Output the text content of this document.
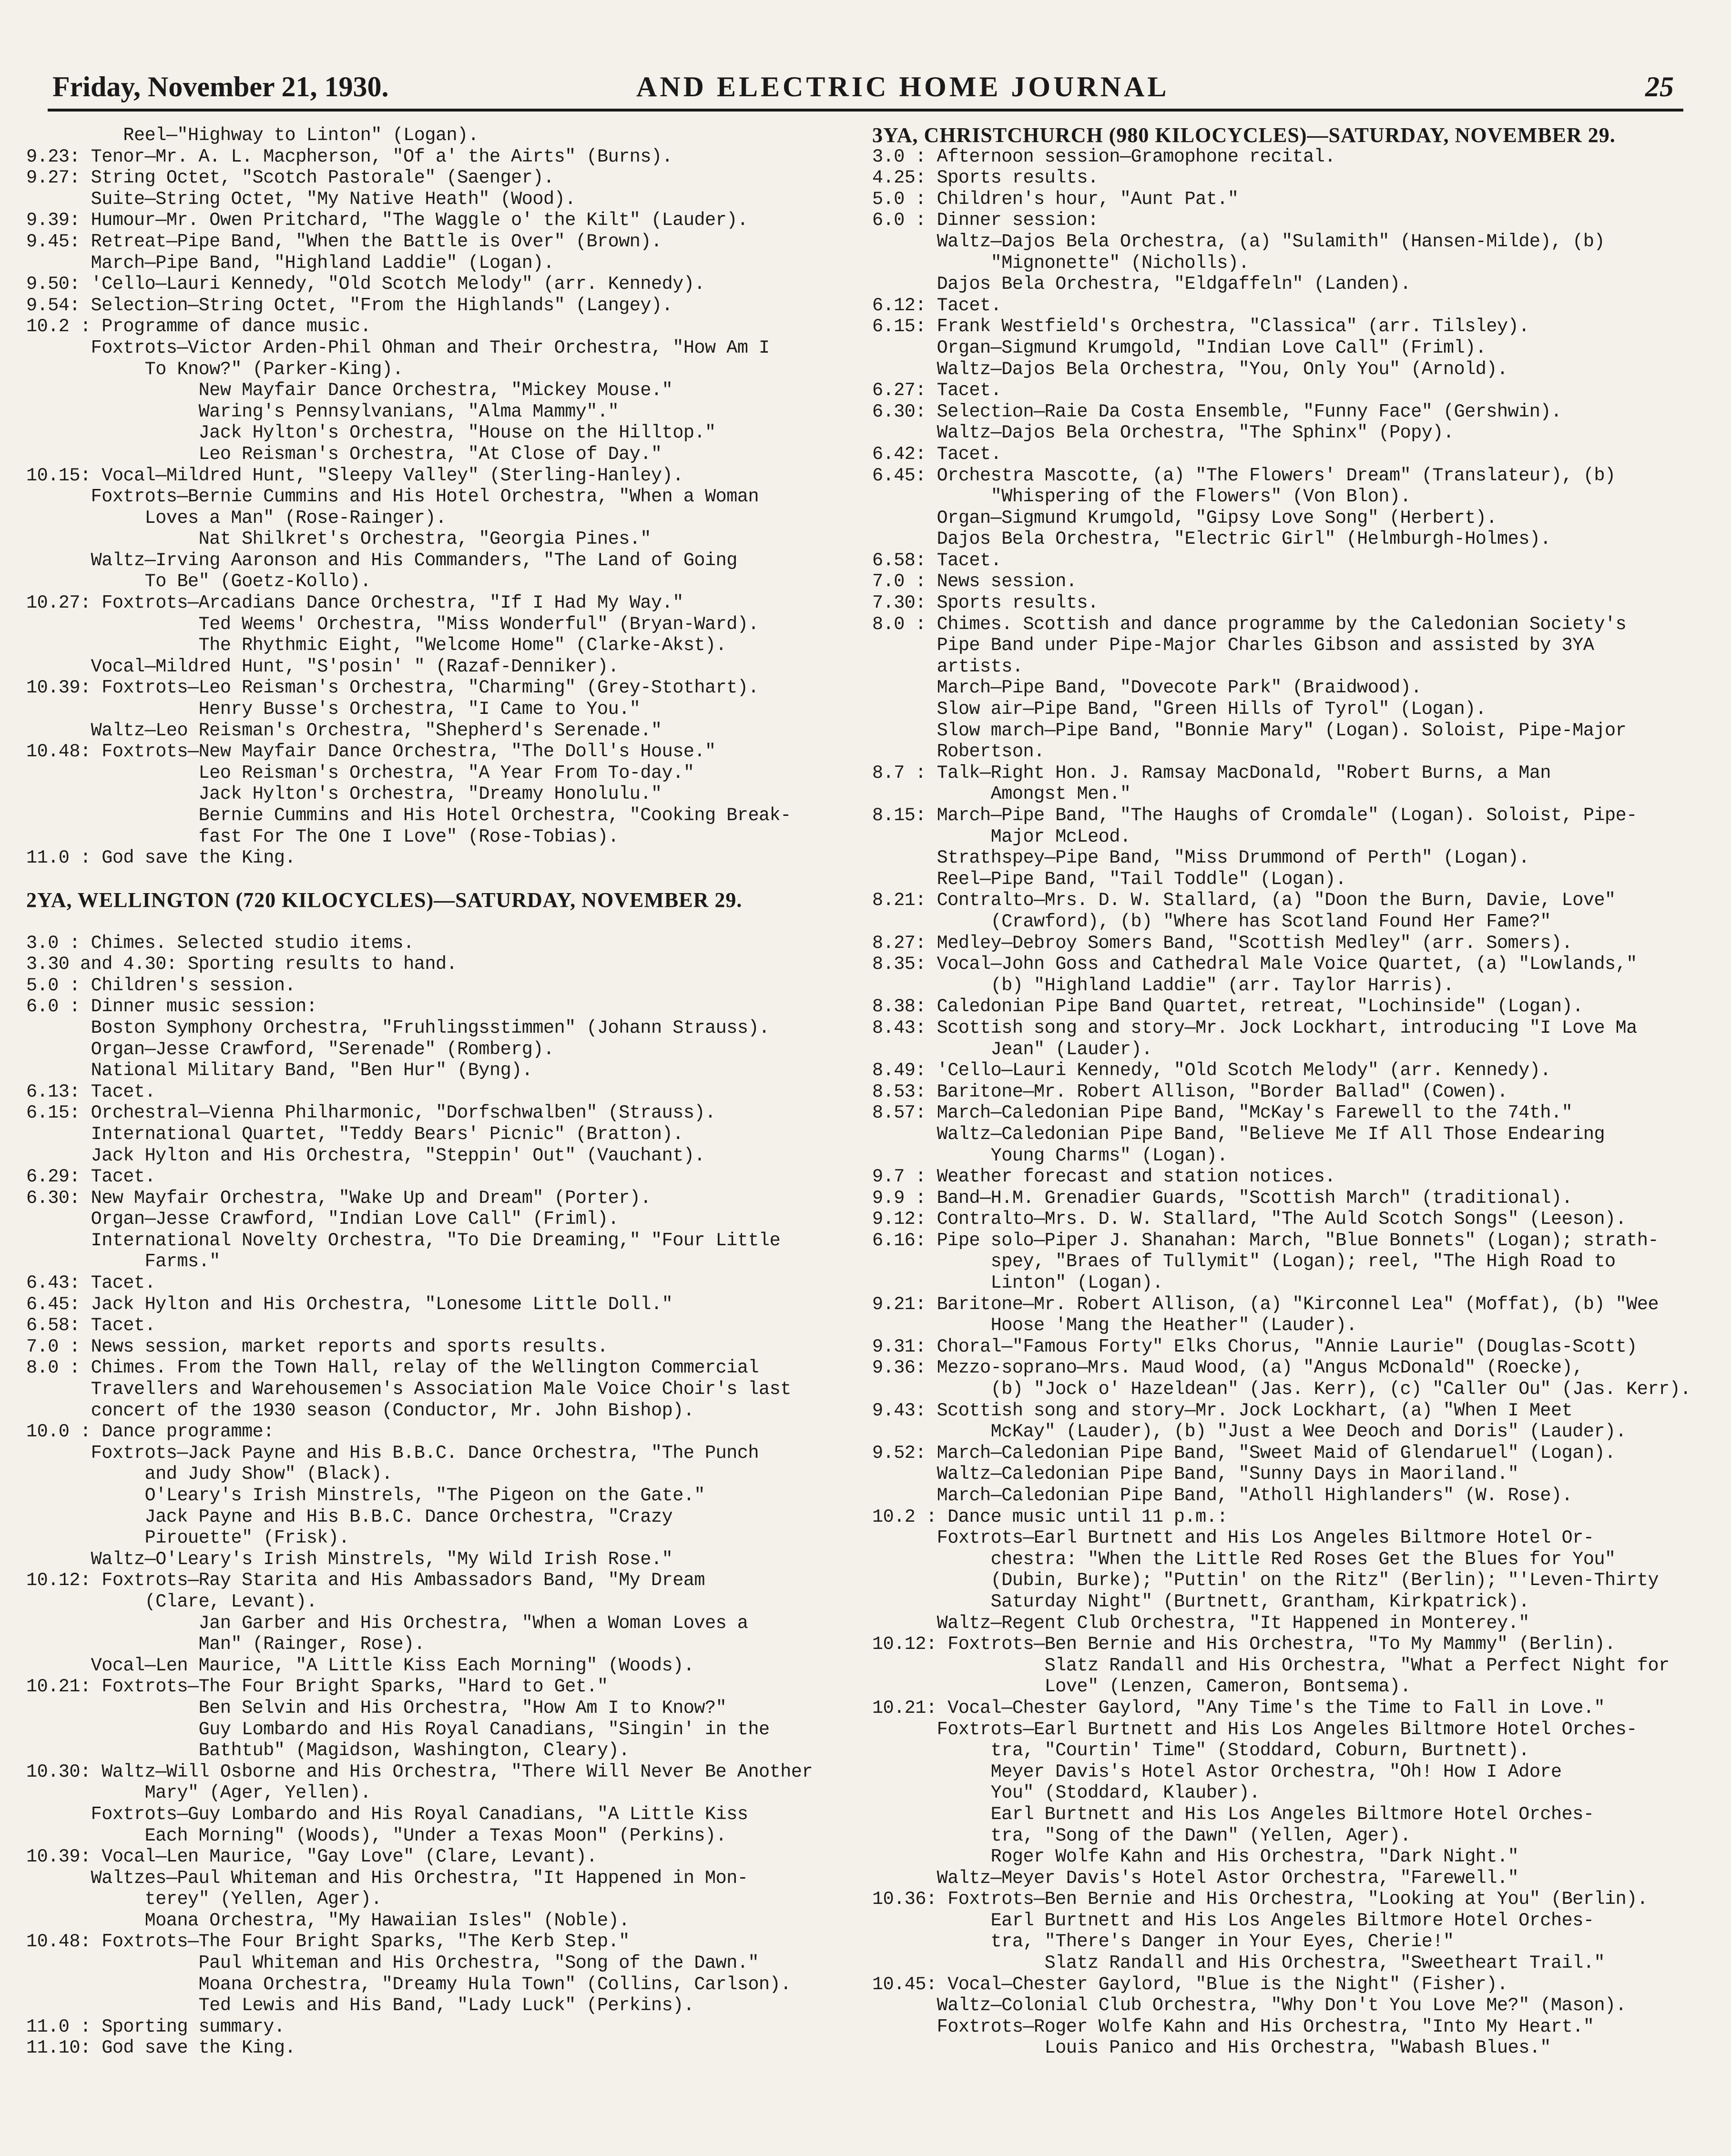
Friday, November 21, 1930.	AND ELECTRIC HOME JOURNAL	25
Reel—"Highway to Linton" (Logan).
9.23: Tenor—Mr. A. L. Macpherson, "Of a' the Airts" (Burns).
9.27: String Octet, "Scotch Pastorale" (Saenger).
Suite—String Octet, "My Native Heath" (Wood).
9.39: Humour—Mr. Owen Pritchard, "The Waggle o' the Kilt" (Lauder).
9.45: Retreat—Pipe Band, "When the Battle is Over" (Brown).
March—Pipe Band, "Highland Laddie" (Logan).
9.50: 'Cello—Lauri Kennedy, "Old Scotch Melody" (arr. Kennedy).
9.54: Selection—String Octet, "From the Highlands" (Langey).
10.2 : Programme of dance music.
Foxtrots—Victor Arden-Phil Ohman and Their Orchestra, "How Am I
To Know?" (Parker-King).
New Mayfair Dance Orchestra, "Mickey Mouse."
Waring's Pennsylvanians, "Alma Mammy"."
Jack Hylton's Orchestra, "House on the Hilltop."
Leo Reisman's Orchestra, "At Close of Day."
10.15: Vocal—Mildred Hunt, "Sleepy Valley" (Sterling-Hanley).
Foxtrots—Bernie Cummins and His Hotel Orchestra, "When a Woman
Loves a Man" (Rose-Rainger).
Nat Shilkret's Orchestra, "Georgia Pines."
Waltz—Irving Aaronson and His Commanders, "The Land of Going
To Be" (Goetz-Kollo).
10.27: Foxtrots—Arcadians Dance Orchestra, "If I Had My Way."
Ted Weems' Orchestra, "Miss Wonderful" (Bryan-Ward).
The Rhythmic Eight, "Welcome Home" (Clarke-Akst).
Vocal—Mildred Hunt, "S'posin' " (Razaf-Denniker).
10.39: Foxtrots—Leo Reisman's Orchestra, "Charming" (Grey-Stothart).
Henry Busse's Orchestra, "I Came to You."
Waltz—Leo Reisman's Orchestra, "Shepherd's Serenade."
10.48: Foxtrots—New Mayfair Dance Orchestra, "The Doll's House."
Leo Reisman's Orchestra, "A Year From To-day."
Jack Hylton's Orchestra, "Dreamy Honolulu."
Bernie Cummins and His Hotel Orchestra, "Cooking Break-
fast For The One I Love" (Rose-Tobias).
11.0 : God save the King.
2YA, WELLINGTON (720 KILOCYCLES)—SATURDAY, NOVEMBER 29.
3.0 : Chimes. Selected studio items.
3.30 and 4.30: Sporting results to hand.
5.0 : Children's session.
6.0 : Dinner music session:
Boston Symphony Orchestra, "Fruhlingsstimmen" (Johann Strauss).
Organ—Jesse Crawford, "Serenade" (Romberg).
National Military Band, "Ben Hur" (Byng).
6.13: Tacet.
6.15: Orchestral—Vienna Philharmonic, "Dorfschwalben" (Strauss).
International Quartet, "Teddy Bears' Picnic" (Bratton).
Jack Hylton and His Orchestra, "Steppin' Out" (Vauchant).
6.29: Tacet.
6.30: New Mayfair Orchestra, "Wake Up and Dream" (Porter).
Organ—Jesse Crawford, "Indian Love Call" (Friml).
International Novelty Orchestra, "To Die Dreaming," "Four Little
Farms."
6.43: Tacet.
6.45: Jack Hylton and His Orchestra, "Lonesome Little Doll."
6.58: Tacet.
7.0 : News session, market reports and sports results.
8.0 : Chimes. From the Town Hall, relay of the Wellington Commercial
Travellers and Warehousemen's Association Male Voice Choir's last
concert of the 1930 season (Conductor, Mr. John Bishop).
10.0 : Dance programme:
Foxtrots—Jack Payne and His B.B.C. Dance Orchestra, "The Punch
and Judy Show" (Black).
O'Leary's Irish Minstrels, "The Pigeon on the Gate."
Jack Payne and His B.B.C. Dance Orchestra, "Crazy
Pirouette" (Frisk).
Waltz—O'Leary's Irish Minstrels, "My Wild Irish Rose."
10.12: Foxtrots—Ray Starita and His Ambassadors Band, "My Dream
(Clare, Levant).
Jan Garber and His Orchestra, "When a Woman Loves a
Man" (Rainger, Rose).
Vocal—Len Maurice, "A Little Kiss Each Morning" (Woods).
10.21: Foxtrots—The Four Bright Sparks, "Hard to Get."
Ben Selvin and His Orchestra, "How Am I to Know?"
Guy Lombardo and His Royal Canadians, "Singin' in the
Bathtub" (Magidson, Washington, Cleary).
10.30: Waltz—Will Osborne and His Orchestra, "There Will Never Be Another
Mary" (Ager, Yellen).
Foxtrots—Guy Lombardo and His Royal Canadians, "A Little Kiss
Each Morning" (Woods), "Under a Texas Moon" (Perkins).
10.39: Vocal—Len Maurice, "Gay Love" (Clare, Levant).
Waltzes—Paul Whiteman and His Orchestra, "It Happened in Mon-
terey" (Yellen, Ager).
Moana Orchestra, "My Hawaiian Isles" (Noble).
10.48: Foxtrots—The Four Bright Sparks, "The Kerb Step."
Paul Whiteman and His Orchestra, "Song of the Dawn."
Moana Orchestra, "Dreamy Hula Town" (Collins, Carlson).
Ted Lewis and His Band, "Lady Luck" (Perkins).
11.0 : Sporting summary.
11.10: God save the King.
3YA, CHRISTCHURCH (980 KILOCYCLES)—SATURDAY, NOVEMBER 29.
3.0 : Afternoon session—Gramophone recital.
4.25: Sports results.
5.0 : Children's hour, "Aunt Pat."
6.0 : Dinner session:
Waltz—Dajos Bela Orchestra, (a) "Sulamith" (Hansen-Milde), (b)
"Mignonette" (Nicholls).
Dajos Bela Orchestra, "Eldgaffeln" (Landen).
6.12: Tacet.
6.15: Frank Westfield's Orchestra, "Classica" (arr. Tilsley).
Organ—Sigmund Krumgold, "Indian Love Call" (Friml).
Waltz—Dajos Bela Orchestra, "You, Only You" (Arnold).
6.27: Tacet.
6.30: Selection—Raie Da Costa Ensemble, "Funny Face" (Gershwin).
Waltz—Dajos Bela Orchestra, "The Sphinx" (Popy).
6.42: Tacet.
6.45: Orchestra Mascotte, (a) "The Flowers' Dream" (Translateur), (b)
"Whispering of the Flowers" (Von Blon).
Organ—Sigmund Krumgold, "Gipsy Love Song" (Herbert).
Dajos Bela Orchestra, "Electric Girl" (Helmburgh-Holmes).
6.58: Tacet.
7.0 : News session.
7.30: Sports results.
8.0 : Chimes. Scottish and dance programme by the Caledonian Society's
Pipe Band under Pipe-Major Charles Gibson and assisted by 3YA
artists.
March—Pipe Band, "Dovecote Park" (Braidwood).
Slow air—Pipe Band, "Green Hills of Tyrol" (Logan).
Slow march—Pipe Band, "Bonnie Mary" (Logan). Soloist, Pipe-Major
Robertson.
8.7 : Talk—Right Hon. J. Ramsay MacDonald, "Robert Burns, a Man
Amongst Men."
8.15: March—Pipe Band, "The Haughs of Cromdale" (Logan). Soloist, Pipe-
Major McLeod.
Strathspey—Pipe Band, "Miss Drummond of Perth" (Logan).
Reel—Pipe Band, "Tail Toddle" (Logan).
8.21: Contralto—Mrs. D. W. Stallard, (a) "Doon the Burn, Davie, Love"
(Crawford), (b) "Where has Scotland Found Her Fame?"
8.27: Medley—Debroy Somers Band, "Scottish Medley" (arr. Somers).
8.35: Vocal—John Goss and Cathedral Male Voice Quartet, (a) "Lowlands,"
(b) "Highland Laddie" (arr. Taylor Harris).
8.38: Caledonian Pipe Band Quartet, retreat, "Lochinside" (Logan).
8.43: Scottish song and story—Mr. Jock Lockhart, introducing "I Love Ma
Jean" (Lauder).
8.49: 'Cello—Lauri Kennedy, "Old Scotch Melody" (arr. Kennedy).
8.53: Baritone—Mr. Robert Allison, "Border Ballad" (Cowen).
8.57: March—Caledonian Pipe Band, "McKay's Farewell to the 74th."
Waltz—Caledonian Pipe Band, "Believe Me If All Those Endearing
Young Charms" (Logan).
9.7 : Weather forecast and station notices.
9.9 : Band—H.M. Grenadier Guards, "Scottish March" (traditional).
9.12: Contralto—Mrs. D. W. Stallard, "The Auld Scotch Songs" (Leeson).
6.16: Pipe solo—Piper J. Shanahan: March, "Blue Bonnets" (Logan); strath-
spey, "Braes of Tullymit" (Logan); reel, "The High Road to
Linton" (Logan).
9.21: Baritone—Mr. Robert Allison, (a) "Kirconnel Lea" (Moffat), (b) "Wee
Hoose 'Mang the Heather" (Lauder).
9.31: Choral—"Famous Forty" Elks Chorus, "Annie Laurie" (Douglas-Scott)
9.36: Mezzo-soprano—Mrs. Maud Wood, (a) "Angus McDonald" (Roecke),
(b) "Jock o' Hazeldean" (Jas. Kerr), (c) "Caller Ou" (Jas. Kerr).
9.43: Scottish song and story—Mr. Jock Lockhart, (a) "When I Meet
McKay" (Lauder), (b) "Just a Wee Deoch and Doris" (Lauder).
9.52: March—Caledonian Pipe Band, "Sweet Maid of Glendaruel" (Logan).
Waltz—Caledonian Pipe Band, "Sunny Days in Maoriland."
March—Caledonian Pipe Band, "Atholl Highlanders" (W. Rose).
10.2 : Dance music until 11 p.m.:
Foxtrots—Earl Burtnett and His Los Angeles Biltmore Hotel Or-
chestra: "When the Little Red Roses Get the Blues for You"
(Dubin, Burke); "Puttin' on the Ritz" (Berlin); "'Leven-Thirty
Saturday Night" (Burtnett, Grantham, Kirkpatrick).
Waltz—Regent Club Orchestra, "It Happened in Monterey."
10.12: Foxtrots—Ben Bernie and His Orchestra, "To My Mammy" (Berlin).
Slatz Randall and His Orchestra, "What a Perfect Night for
Love" (Lenzen, Cameron, Bontsema).
10.21: Vocal—Chester Gaylord, "Any Time's the Time to Fall in Love."
Foxtrots—Earl Burtnett and His Los Angeles Biltmore Hotel Orches-
tra, "Courtin' Time" (Stoddard, Coburn, Burtnett).
Meyer Davis's Hotel Astor Orchestra, "Oh! How I Adore
You" (Stoddard, Klauber).
Earl Burtnett and His Los Angeles Biltmore Hotel Orches-
tra, "Song of the Dawn" (Yellen, Ager).
Roger Wolfe Kahn and His Orchestra, "Dark Night."
Waltz—Meyer Davis's Hotel Astor Orchestra, "Farewell."
10.36: Foxtrots—Ben Bernie and His Orchestra, "Looking at You" (Berlin).
Earl Burtnett and His Los Angeles Biltmore Hotel Orches-
tra, "There's Danger in Your Eyes, Cherie!"
Slatz Randall and His Orchestra, "Sweetheart Trail."
10.45: Vocal—Chester Gaylord, "Blue is the Night" (Fisher).
Waltz—Colonial Club Orchestra, "Why Don't You Love Me?" (Mason).
Foxtrots—Roger Wolfe Kahn and His Orchestra, "Into My Heart."
Louis Panico and His Orchestra, "Wabash Blues."
